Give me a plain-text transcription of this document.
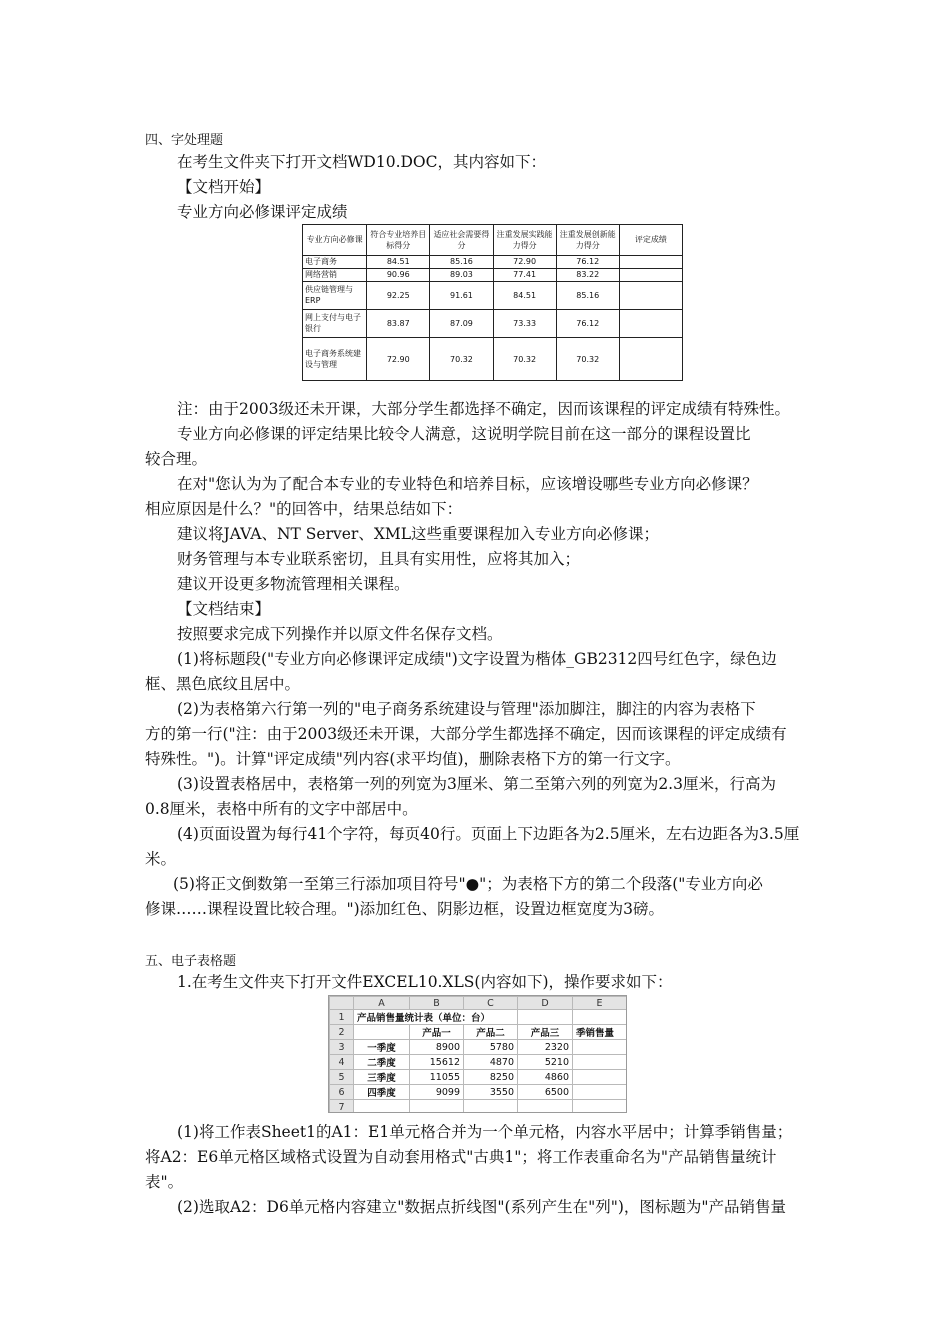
四、字处理题
在考生文件夹下打开文档WD10.DOC，其内容如下：
【文档开始】
专业方向必修课评定成绩
专业方向必修课	符合专业培养目标得分	适应社会需要得分	注重发展实践能力得分	注重发展创新能力得分	评定成绩
电子商务	84.51	85.16	72.90	76.12	
网络营销	90.96	89.03	77.41	83.22	
供应链管理与ERP	92.25	91.61	84.51	85.16	
网上支付与电子银行	83.87	87.09	73.33	76.12	
电子商务系统建设与管理	72.90	70.32	70.32	70.32	
注：由于2003级还未开课，大部分学生都选择不确定，因而该课程的评定成绩有特殊性。
专业方向必修课的评定结果比较令人满意，这说明学院目前在这一部分的课程设置比
较合理。
在对"您认为为了配合本专业的专业特色和培养目标，应该增设哪些专业方向必修课？
相应原因是什么？"的回答中，结果总结如下：
建议将JAVA、NT Server、XML这些重要课程加入专业方向必修课；
财务管理与本专业联系密切，且具有实用性，应将其加入；
建议开设更多物流管理相关课程。
【文档结束】
按照要求完成下列操作并以原文件名保存文档。
(1)将标题段("专业方向必修课评定成绩")文字设置为楷体_GB2312四号红色字，绿色边
框、黑色底纹且居中。
(2)为表格第六行第一列的"电子商务系统建设与管理"添加脚注，脚注的内容为表格下
方的第一行("注：由于2003级还未开课，大部分学生都选择不确定，因而该课程的评定成绩有
特殊性。")。计算"评定成绩"列内容(求平均值)，删除表格下方的第一行文字。
(3)设置表格居中，表格第一列的列宽为3厘米、第二至第六列的列宽为2.3厘米，行高为
0.8厘米，表格中所有的文字中部居中。
(4)页面设置为每行41个字符，每页40行。页面上下边距各为2.5厘米，左右边距各为3.5厘
米。
(5)将正文倒数第一至第三行添加项目符号"●"；为表格下方的第二个段落("专业方向必
修课……课程设置比较合理。")添加红色、阴影边框，设置边框宽度为3磅。
五、电子表格题
1.在考生文件夹下打开文件EXCEL10.XLS(内容如下)，操作要求如下：
	A	B	C	D	E
1	产品销售量统计表（单位：台）				
2		产品一	产品二	产品三	季销售量
3	一季度	8900	5780	2320	
4	二季度	15612	4870	5210	
5	三季度	11055	8250	4860	
6	四季度	9099	3550	6500	
7					
(1)将工作表Sheet1的A1：E1单元格合并为一个单元格，内容水平居中；计算季销售量；
将A2：E6单元格区域格式设置为自动套用格式"古典1"；将工作表重命名为"产品销售量统计
表"。
(2)选取A2：D6单元格内容建立"数据点折线图"(系列产生在"列")，图标题为"产品销售量
